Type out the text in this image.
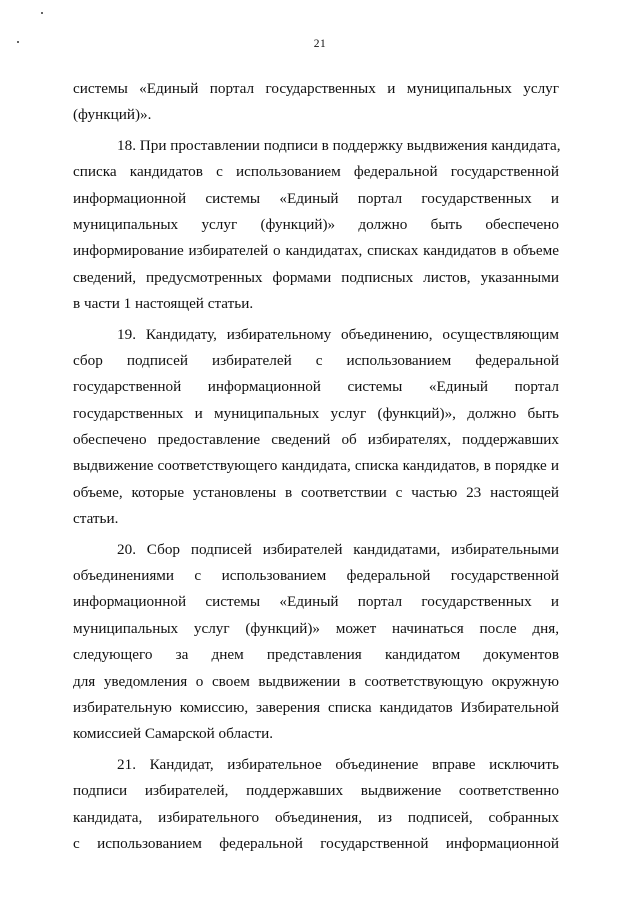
21
системы «Единый портал государственных и муниципальных услуг
(функций)».
18. При проставлении подписи в поддержку выдвижения кандидата,
списка кандидатов с использованием федеральной государственной
информационной системы «Единый портал государственных и
муниципальных услуг (функций)» должно быть обеспечено
информирование избирателей о кандидатах, списках кандидатов в объеме
сведений, предусмотренных формами подписных листов, указанными
в части 1 настоящей статьи.
19. Кандидату, избирательному объединению, осуществляющим
сбор подписей избирателей с использованием федеральной
государственной информационной системы «Единый портал
государственных и муниципальных услуг (функций)», должно быть
обеспечено предоставление сведений об избирателях, поддержавших
выдвижение соответствующего кандидата, списка кандидатов, в порядке и
объеме, которые установлены в соответствии с частью 23 настоящей
статьи.
20. Сбор подписей избирателей кандидатами, избирательными
объединениями с использованием федеральной государственной
информационной системы «Единый портал государственных и
муниципальных услуг (функций)» может начинаться после дня,
следующего за днем представления кандидатом документов
для уведомления о своем выдвижении в соответствующую окружную
избирательную комиссию, заверения списка кандидатов Избирательной
комиссией Самарской области.
21. Кандидат, избирательное объединение вправе исключить
подписи избирателей, поддержавших выдвижение соответственно
кандидата, избирательного объединения, из подписей, собранных
с использованием федеральной государственной информационной
